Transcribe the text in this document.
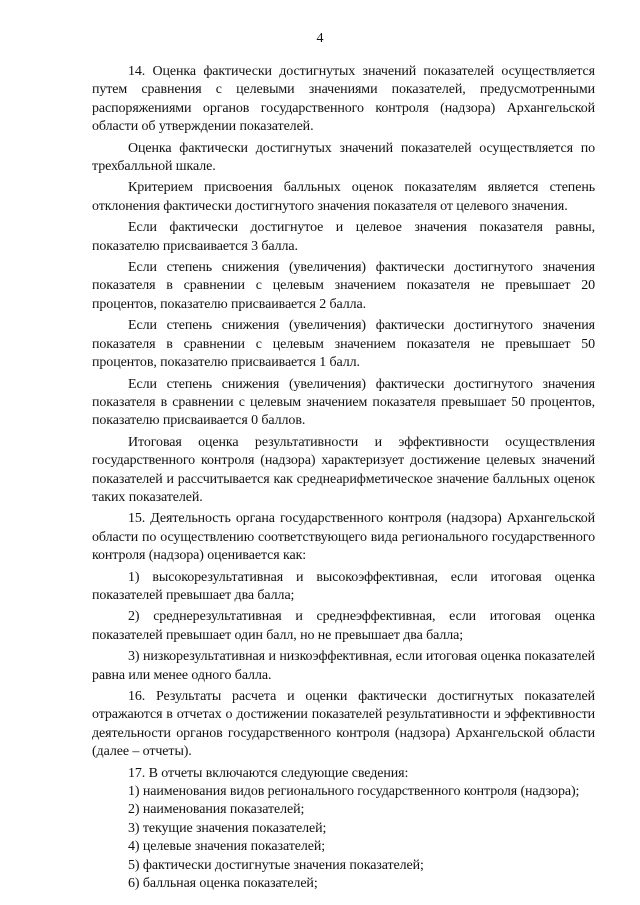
4

14. Оценка фактически достигнутых значений показателей осуществляется путем сравнения с целевыми значениями показателей, предусмотренными распоряжениями органов государственного контроля (надзора) Архангельской области об утверждении показателей.

Оценка фактически достигнутых значений показателей осуществляется по трехбалльной шкале.

Критерием присвоения балльных оценок показателям является степень отклонения фактически достигнутого значения показателя от целевого значения.

Если фактически достигнутое и целевое значения показателя равны, показателю присваивается 3 балла.

Если степень снижения (увеличения) фактически достигнутого значения показателя в сравнении с целевым значением показателя не превышает 20 процентов, показателю присваивается 2 балла.

Если степень снижения (увеличения) фактически достигнутого значения показателя в сравнении с целевым значением показателя не превышает 50 процентов, показателю присваивается 1 балл.

Если степень снижения (увеличения) фактически достигнутого значения показателя в сравнении с целевым значением показателя превышает 50 процентов, показателю присваивается 0 баллов.

Итоговая оценка результативности и эффективности осуществления государственного контроля (надзора) характеризует достижение целевых значений показателей и рассчитывается как среднеарифметическое значение балльных оценок таких показателей.

15. Деятельность органа государственного контроля (надзора) Архангельской области по осуществлению соответствующего вида регионального государственного контроля (надзора) оценивается как:

1) высокорезультативная и высокоэффективная, если итоговая оценка показателей превышает два балла;

2) среднерезультативная и среднеэффективная, если итоговая оценка показателей превышает один балл, но не превышает два балла;

3) низкорезультативная и низкоэффективная, если итоговая оценка показателей равна или менее одного балла.

16. Результаты расчета и оценки фактически достигнутых показателей отражаются в отчетах о достижении показателей результативности и эффективности деятельности органов государственного контроля (надзора) Архангельской области (далее – отчеты).

17. В отчеты включаются следующие сведения:

1) наименования видов регионального государственного контроля (надзора);

2) наименования показателей;

3) текущие значения показателей;

4) целевые значения показателей;

5) фактически достигнутые значения показателей;

6) балльная оценка показателей;
